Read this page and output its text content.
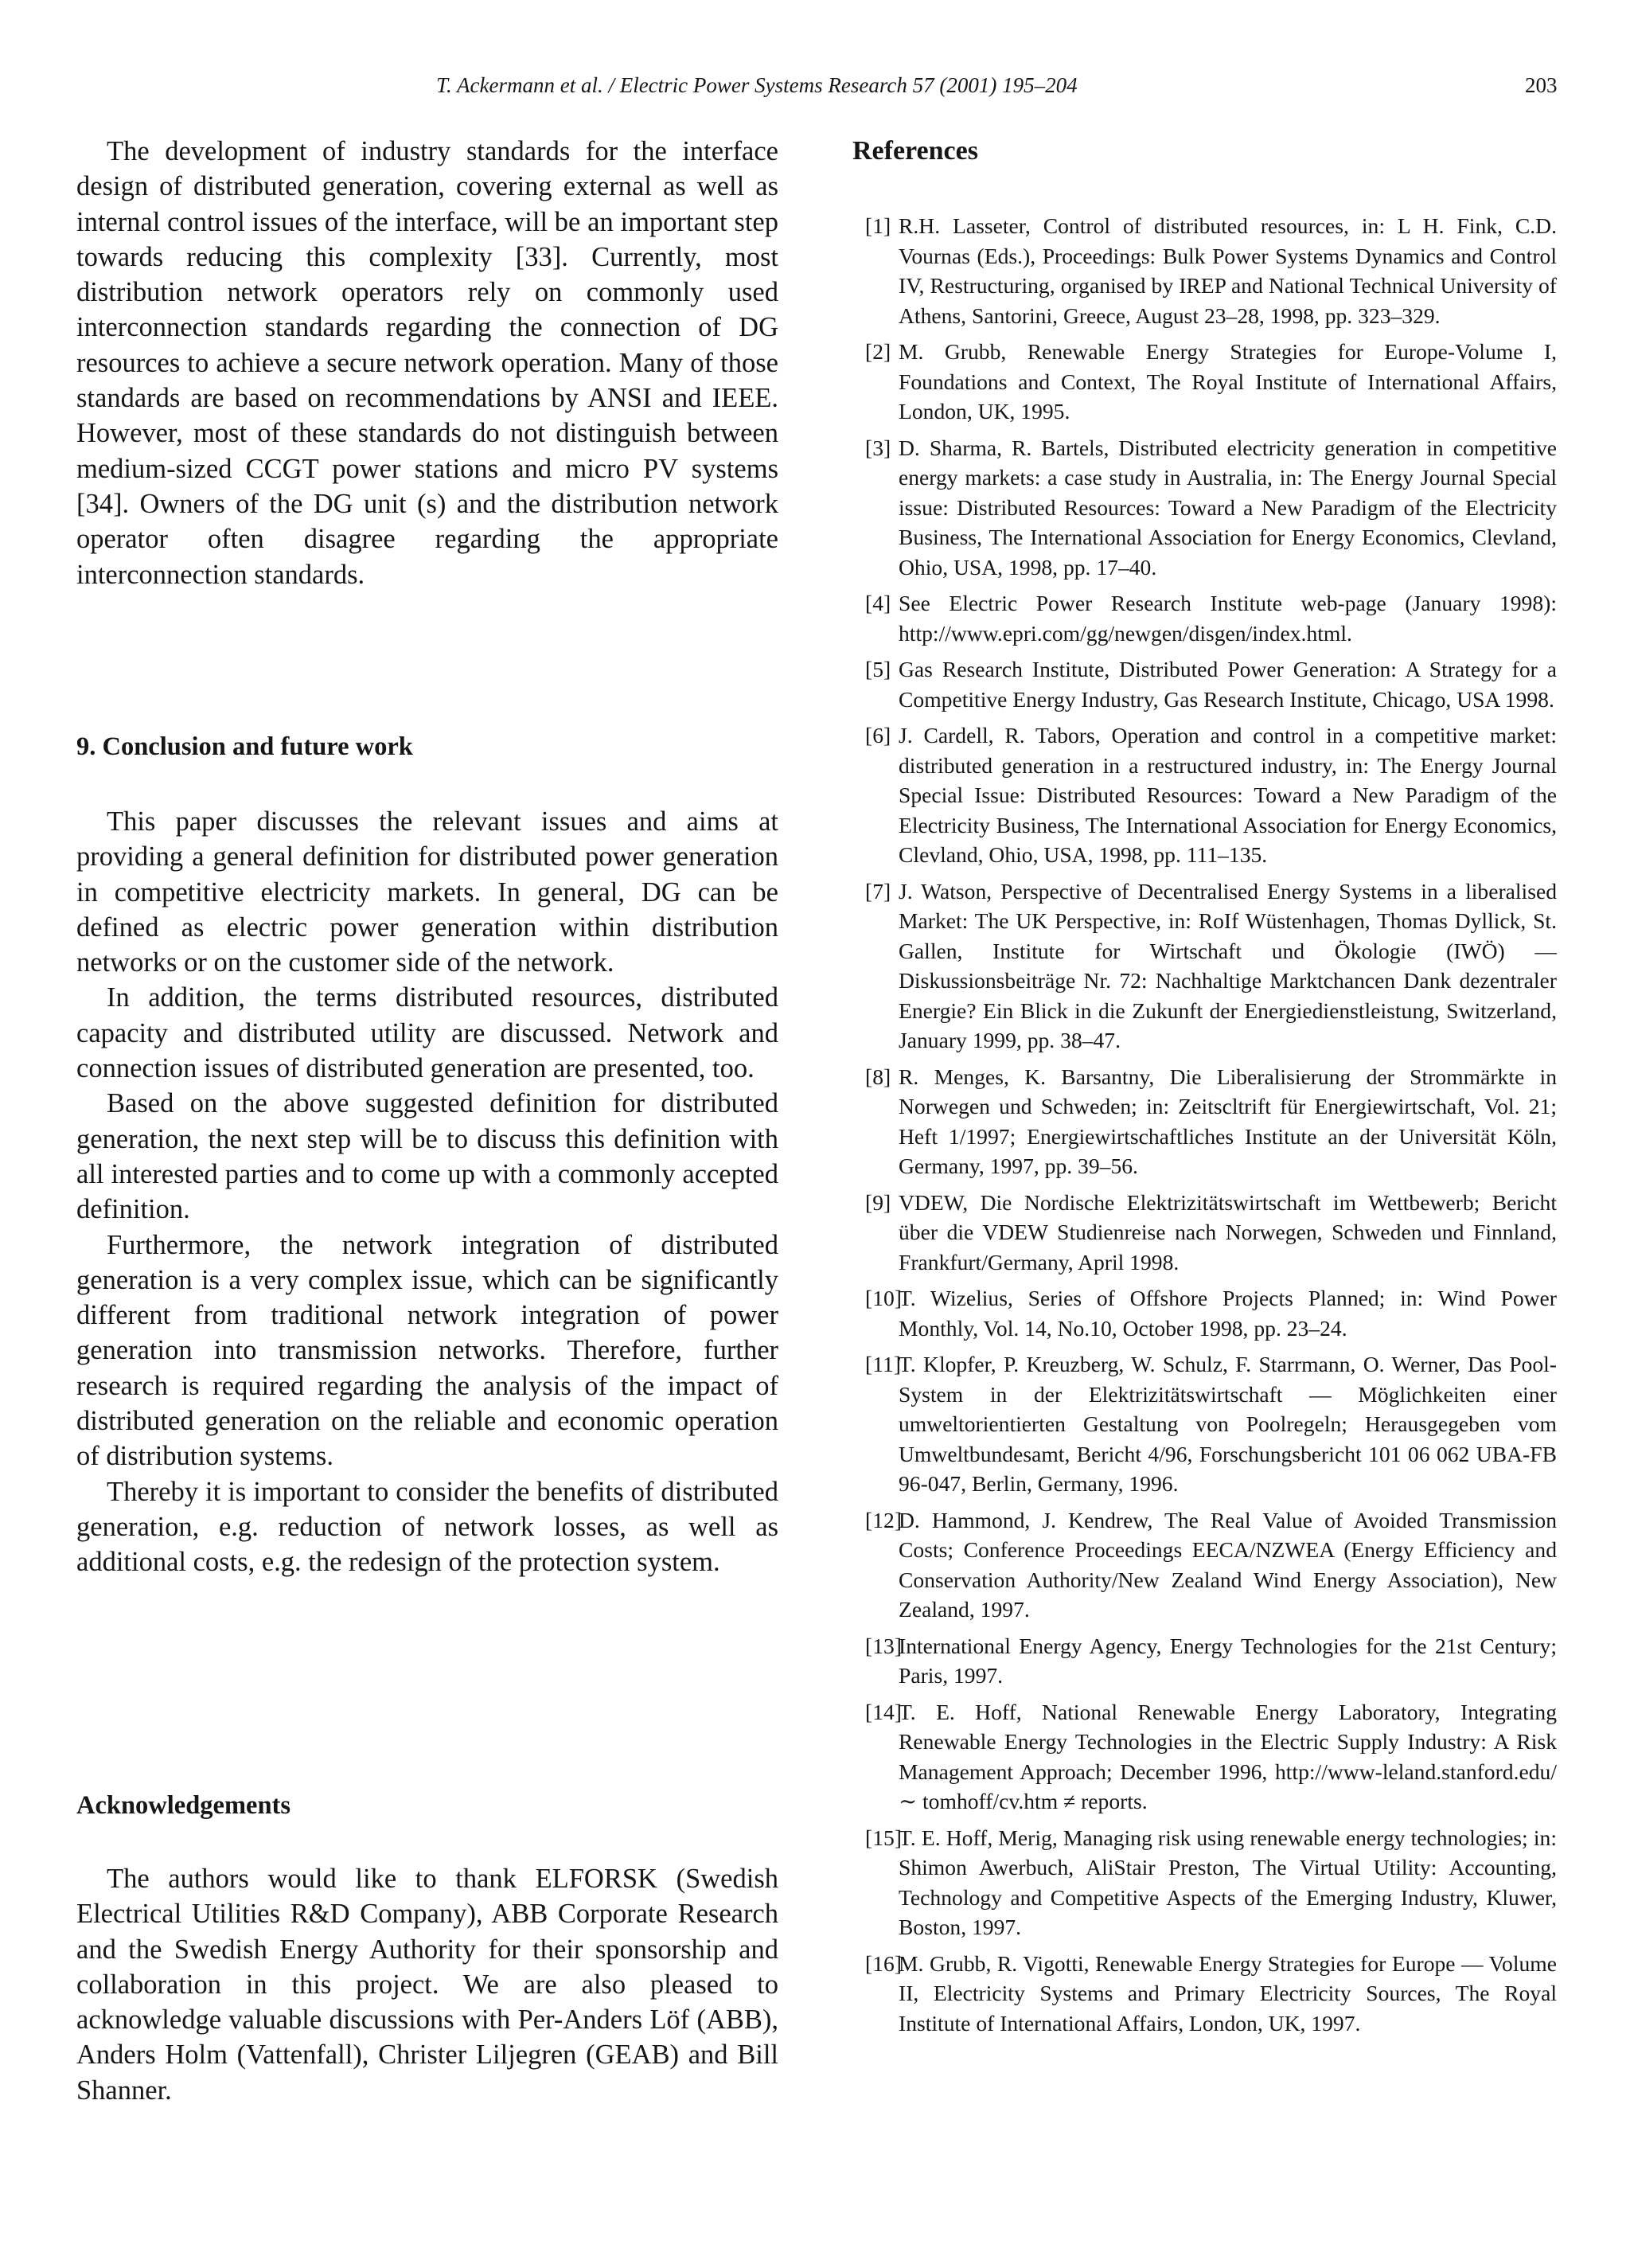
T. Ackermann et al. / Electric Power Systems Research 57 (2001) 195–204	203

The development of industry standards for the interface design of distributed generation, covering external as well as internal control issues of the interface, will be an important step towards reducing this complexity [33]. Currently, most distribution network operators rely on commonly used interconnection standards regarding the connection of DG resources to achieve a secure network operation. Many of those standards are based on recommendations by ANSI and IEEE. However, most of these standards do not distinguish between medium-sized CCGT power stations and micro PV systems [34]. Owners of the DG unit (s) and the distribution network operator often disagree regarding the appropriate interconnection standards.

9. Conclusion and future work

This paper discusses the relevant issues and aims at providing a general definition for distributed power generation in competitive electricity markets. In general, DG can be defined as electric power generation within distribution networks or on the customer side of the network.

In addition, the terms distributed resources, distributed capacity and distributed utility are discussed. Network and connection issues of distributed generation are presented, too.

Based on the above suggested definition for distributed generation, the next step will be to discuss this definition with all interested parties and to come up with a commonly accepted definition.

Furthermore, the network integration of distributed generation is a very complex issue, which can be significantly different from traditional network integration of power generation into transmission networks. Therefore, further research is required regarding the analysis of the impact of distributed generation on the reliable and economic operation of distribution systems.

Thereby it is important to consider the benefits of distributed generation, e.g. reduction of network losses, as well as additional costs, e.g. the redesign of the protection system.

Acknowledgements

The authors would like to thank ELFORSK (Swedish Electrical Utilities R&D Company), ABB Corporate Research and the Swedish Energy Authority for their sponsorship and collaboration in this project. We are also pleased to acknowledge valuable discussions with Per-Anders Löf (ABB), Anders Holm (Vattenfall), Christer Liljegren (GEAB) and Bill Shanner.

References
[1] R.H. Lasseter, Control of distributed resources, in: L H. Fink, C.D. Vournas (Eds.), Proceedings: Bulk Power Systems Dynamics and Control IV, Restructuring, organised by IREP and National Technical University of Athens, Santorini, Greece, August 23–28, 1998, pp. 323–329.
[2] M. Grubb, Renewable Energy Strategies for Europe-Volume I, Foundations and Context, The Royal Institute of International Affairs, London, UK, 1995.
[3] D. Sharma, R. Bartels, Distributed electricity generation in competitive energy markets: a case study in Australia, in: The Energy Journal Special issue: Distributed Resources: Toward a New Paradigm of the Electricity Business, The International Association for Energy Economics, Clevland, Ohio, USA, 1998, pp. 17–40.
[4] See Electric Power Research Institute web-page (January 1998): http://www.epri.com/gg/newgen/disgen/index.html.
[5] Gas Research Institute, Distributed Power Generation: A Strategy for a Competitive Energy Industry, Gas Research Institute, Chicago, USA 1998.
[6] J. Cardell, R. Tabors, Operation and control in a competitive market: distributed generation in a restructured industry, in: The Energy Journal Special Issue: Distributed Resources: Toward a New Paradigm of the Electricity Business, The International Association for Energy Economics, Clevland, Ohio, USA, 1998, pp. 111–135.
[7] J. Watson, Perspective of Decentralised Energy Systems in a liberalised Market: The UK Perspective, in: RoIf Wüstenhagen, Thomas Dyllick, St. Gallen, Institute for Wirtschaft und Ökologie (IWÖ) — Diskussionsbeiträge Nr. 72: Nachhaltige Marktchancen Dank dezentraler Energie? Ein Blick in die Zukunft der Energiedienstleistung, Switzerland, January 1999, pp. 38–47.
[8] R. Menges, K. Barsantny, Die Liberalisierung der Strommärkte in Norwegen und Schweden; in: Zeitscltrift für Energiewirtschaft, Vol. 21; Heft 1/1997; Energiewirtschaftliches Institute an der Universität Köln, Germany, 1997, pp. 39–56.
[9] VDEW, Die Nordische Elektrizitätswirtschaft im Wettbewerb; Bericht über die VDEW Studienreise nach Norwegen, Schweden und Finnland, Frankfurt/Germany, April 1998.
[10]
T. Wizelius, Series of Offshore Projects Planned; in: Wind Power Monthly, Vol. 14, No.10, October 1998, pp. 23–24.
[11]
T. Klopfer, P. Kreuzberg, W. Schulz, F. Starrmann, O. Werner, Das Pool-System in der Elektrizitätswirtschaft — Möglichkeiten einer umweltorientierten Gestaltung von Poolregeln; Herausgegeben vom Umweltbundesamt, Bericht 4/96, Forschungsbericht 101 06 062 UBA-FB 96-047, Berlin, Germany, 1996.
[12]
D. Hammond, J. Kendrew, The Real Value of Avoided Transmission Costs; Conference Proceedings EECA/NZWEA (Energy Efficiency and Conservation Authority/New Zealand Wind Energy Association), New Zealand, 1997.
[13]
International Energy Agency, Energy Technologies for the 21st Century; Paris, 1997.
[14]
T. E. Hoff, National Renewable Energy Laboratory, Integrating Renewable Energy Technologies in the Electric Supply Industry: A Risk Management Approach; December 1996, http://www-leland.stanford.edu/ ∼ tomhoff/cv.htm ≠ reports.
[15]
T. E. Hoff, Merig, Managing risk using renewable energy technologies; in: Shimon Awerbuch, AliStair Preston, The Virtual Utility: Accounting, Technology and Competitive Aspects of the Emerging Industry, Kluwer, Boston, 1997.
[16]
M. Grubb, R. Vigotti, Renewable Energy Strategies for Europe — Volume II, Electricity Systems and Primary Electricity Sources, The Royal Institute of International Affairs, London, UK, 1997.
